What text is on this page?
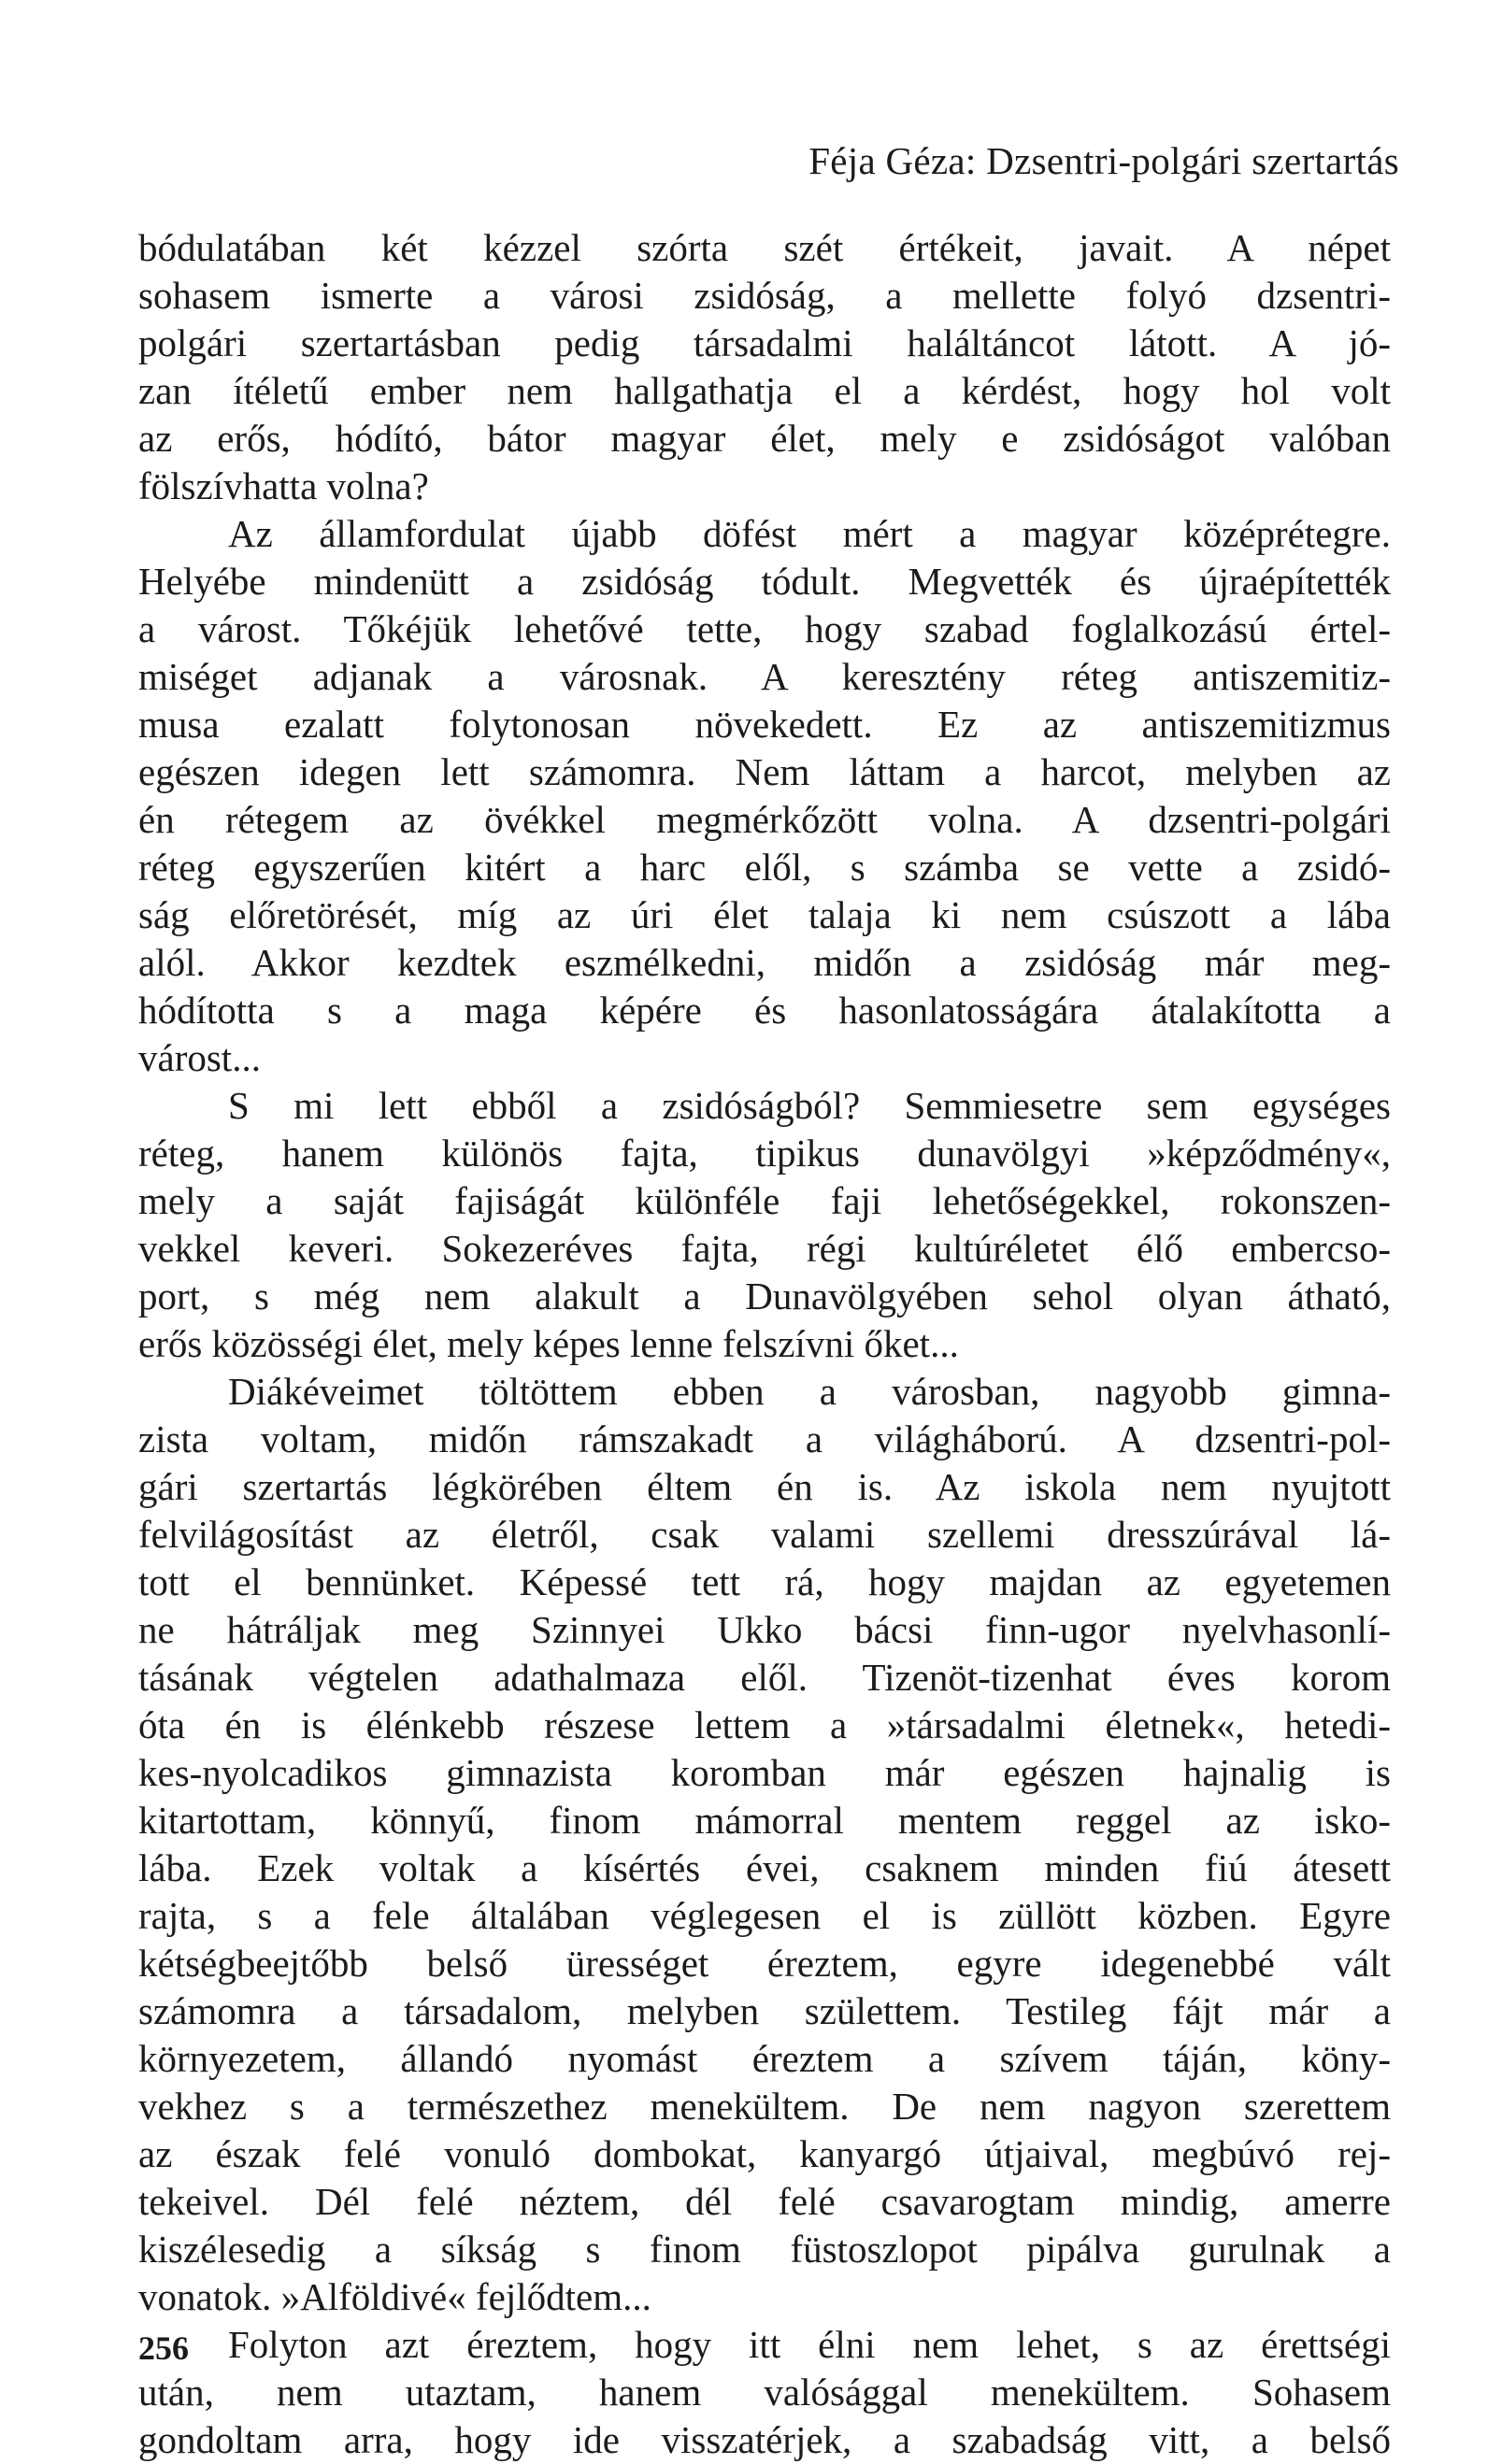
Féja Géza: Dzsentri-polgári szertartás
bódulatában két kézzel szórta szét értékeit, javait. A népet
sohasem ismerte a városi zsidóság, a mellette folyó dzsentri-
polgári szertartásban pedig társadalmi haláltáncot látott. A jó-
zan ítéletű ember nem hallgathatja el a kérdést, hogy hol volt
az erős, hódító, bátor magyar élet, mely e zsidóságot valóban
fölszívhatta volna?
Az államfordulat újabb döfést mért a magyar középrétegre.
Helyébe mindenütt a zsidóság tódult. Megvették és újraépítették
a várost. Tőkéjük lehetővé tette, hogy szabad foglalkozású értel-
miséget adjanak a városnak. A keresztény réteg antiszemitiz-
musa ezalatt folytonosan növekedett. Ez az antiszemitizmus
egészen idegen lett számomra. Nem láttam a harcot, melyben az
én rétegem az övékkel megmérkőzött volna. A dzsentri-polgári
réteg egyszerűen kitért a harc elől, s számba se vette a zsidó-
ság előretörését, míg az úri élet talaja ki nem csúszott a lába
alól. Akkor kezdtek eszmélkedni, midőn a zsidóság már meg-
hódította s a maga képére és hasonlatosságára átalakította a
várost...
S mi lett ebből a zsidóságból? Semmiesetre sem egységes
réteg, hanem különös fajta, tipikus dunavölgyi »képződmény«,
mely a saját fajiságát különféle faji lehetőségekkel, rokonszen-
vekkel keveri. Sokezeréves fajta, régi kultúréletet élő embercso-
port, s még nem alakult a Dunavölgyében sehol olyan átható,
erős közösségi élet, mely képes lenne felszívni őket...
Diákéveimet töltöttem ebben a városban, nagyobb gimna-
zista voltam, midőn rámszakadt a világháború. A dzsentri-pol-
gári szertartás légkörében éltem én is. Az iskola nem nyujtott
felvilágosítást az életről, csak valami szellemi dresszúrával lá-
tott el bennünket. Képessé tett rá, hogy majdan az egyetemen
ne hátráljak meg Szinnyei Ukko bácsi finn-ugor nyelvhasonlí-
tásának végtelen adathalmaza elől. Tizenöt-tizenhat éves korom
óta én is élénkebb részese lettem a »társadalmi életnek«, hetedi-
kes-nyolcadikos gimnazista koromban már egészen hajnalig is
kitartottam, könnyű, finom mámorral mentem reggel az isko-
lába. Ezek voltak a kísértés évei, csaknem minden fiú átesett
rajta, s a fele általában véglegesen el is züllött közben. Egyre
kétségbeejtőbb belső ürességet éreztem, egyre idegenebbé vált
számomra a társadalom, melyben születtem. Testileg fájt már a
környezetem, állandó nyomást éreztem a szívem táján, köny-
vekhez s a természethez menekültem. De nem nagyon szerettem
az észak felé vonuló dombokat, kanyargó útjaival, megbúvó rej-
tekeivel. Dél felé néztem, dél felé csavarogtam mindig, amerre
kiszélesedig a síkság s finom füstoszlopot pipálva gurulnak a
vonatok. »Alföldivé« fejlődtem...
Folyton azt éreztem, hogy itt élni nem lehet, s az érettségi
után, nem utaztam, hanem valósággal menekültem. Sohasem
gondoltam arra, hogy ide visszatérjek, a szabadság vitt, a belső
256
